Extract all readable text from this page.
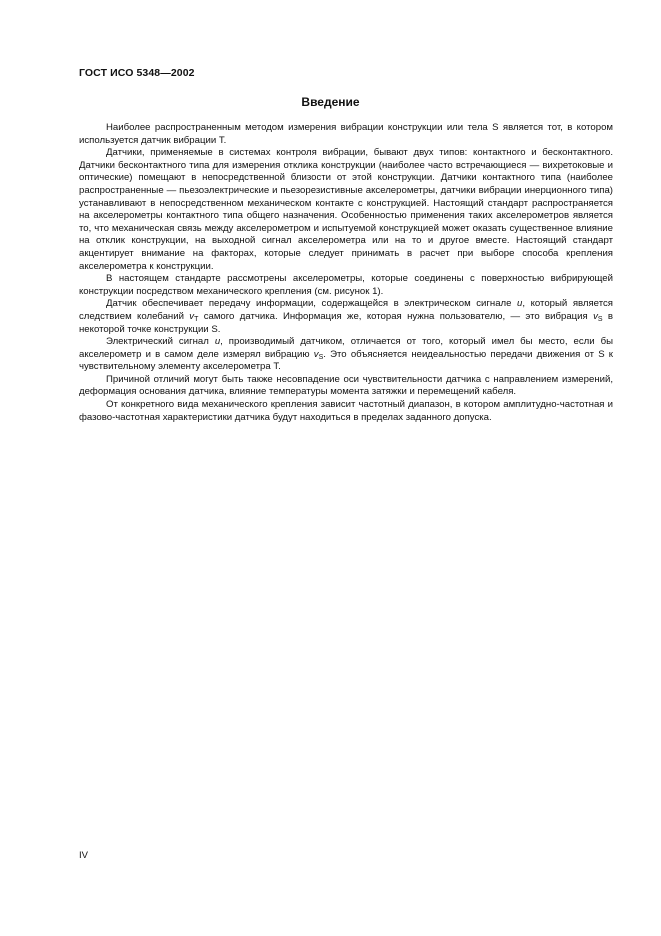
ГОСТ ИСО 5348—2002
Введение

Наиболее распространенным методом измерения вибрации конструкции или тела S является тот, в котором используется датчик вибрации T.

Датчики, применяемые в системах контроля вибрации, бывают двух типов: контактного и бесконтактного. Датчики бесконтактного типа для измерения отклика конструкции (наиболее часто встречающиеся — вихретоковые и оптические) помещают в непосредственной близости от этой конструкции. Датчики контактного типа (наиболее распространенные — пьезоэлектрические и пьезорезистивные акселерометры, датчики вибрации инерционного типа) устанавливают в непосредственном механическом контакте с конструкцией. Настоящий стандарт распространяется на акселерометры контактного типа общего назначения. Особенностью применения таких акселерометров является то, что механическая связь между акселерометром и испытуемой конструкцией может оказать существенное влияние на отклик конструкции, на выходной сигнал акселерометра или на то и другое вместе. Настоящий стандарт акцентирует внимание на факторах, которые следует принимать в расчет при выборе способа крепления акселерометра к конструкции.

В настоящем стандарте рассмотрены акселерометры, которые соединены с поверхностью вибрирующей конструкции посредством механического крепления (см. рисунок 1).

Датчик обеспечивает передачу информации, содержащейся в электрическом сигнале u, который является следствием колебаний $v_T$ самого датчика. Информация же, которая нужна пользователю, — это вибрация $v_S$ в некоторой точке конструкции S.

Электрический сигнал u, производимый датчиком, отличается от того, который имел бы место, если бы акселерометр и в самом деле измерял вибрацию $v_S$. Это объясняется неидеальностью передачи движения от S к чувствительному элементу акселерометра T.

Причиной отличий могут быть также несовпадение оси чувствительности датчика с направлением измерений, деформация основания датчика, влияние температуры момента затяжки и перемещений кабеля.

От конкретного вида механического крепления зависит частотный диапазон, в котором амплитудно-частотная и фазово-частотная характеристики датчика будут находиться в пределах заданного допуска.

IV
